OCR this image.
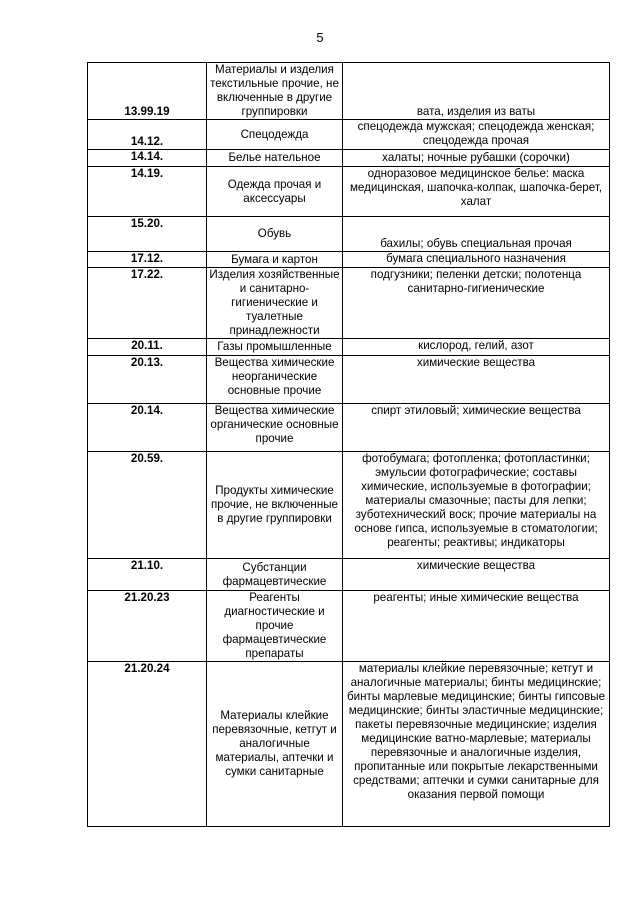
5
13.99.19	Материалы и изделия текстильные прочие, не включенные в другие группировки	вата, изделия из ваты
14.12.	Спецодежда	спецодежда мужская; спецодежда женская; спецодежда прочая
14.14.	Белье нательное	халаты; ночные рубашки (сорочки)
14.19.	Одежда прочая и аксессуары	одноразовое медицинское белье: маска медицинская, шапочка-колпак, шапочка-берет, халат
15.20.	Обувь	бахилы; обувь специальная прочая
17.12.	Бумага и картон	бумага специального назначения
17.22.	Изделия хозяйственные и санитарно-гигиенические и туалетные принадлежности	подгузники; пеленки детски; полотенца санитарно-гигиенические
20.11.	Газы промышленные	кислород, гелий, азот
20.13.	Вещества химические неорганические основные прочие	химические вещества
20.14.	Вещества химические органические основные прочие	спирт этиловый; химические вещества
20.59.	Продукты химические прочие, не включенные в другие группировки	фотобумага; фотопленка; фотопластинки; эмульсии фотографические; составы химические, используемые в фотографии; материалы смазочные; пасты для лепки; зуботехнический воск; прочие материалы на основе гипса, используемые в стоматологии; реагенты; реактивы; индикаторы
21.10.	Субстанции фармацевтические	химические вещества
21.20.23	Реагенты диагностические и прочие фармацевтические препараты	реагенты; иные химические вещества
21.20.24	Материалы клейкие перевязочные, кетгут и аналогичные материалы, аптечки и сумки санитарные	материалы клейкие перевязочные; кетгут и аналогичные материалы; бинты медицинские; бинты марлевые медицинские; бинты гипсовые медицинские; бинты эластичные медицинские; пакеты перевязочные медицинские; изделия медицинские ватно-марлевые; материалы перевязочные и аналогичные изделия, пропитанные или покрытые лекарственными средствами; аптечки и сумки санитарные для оказания первой помощи
